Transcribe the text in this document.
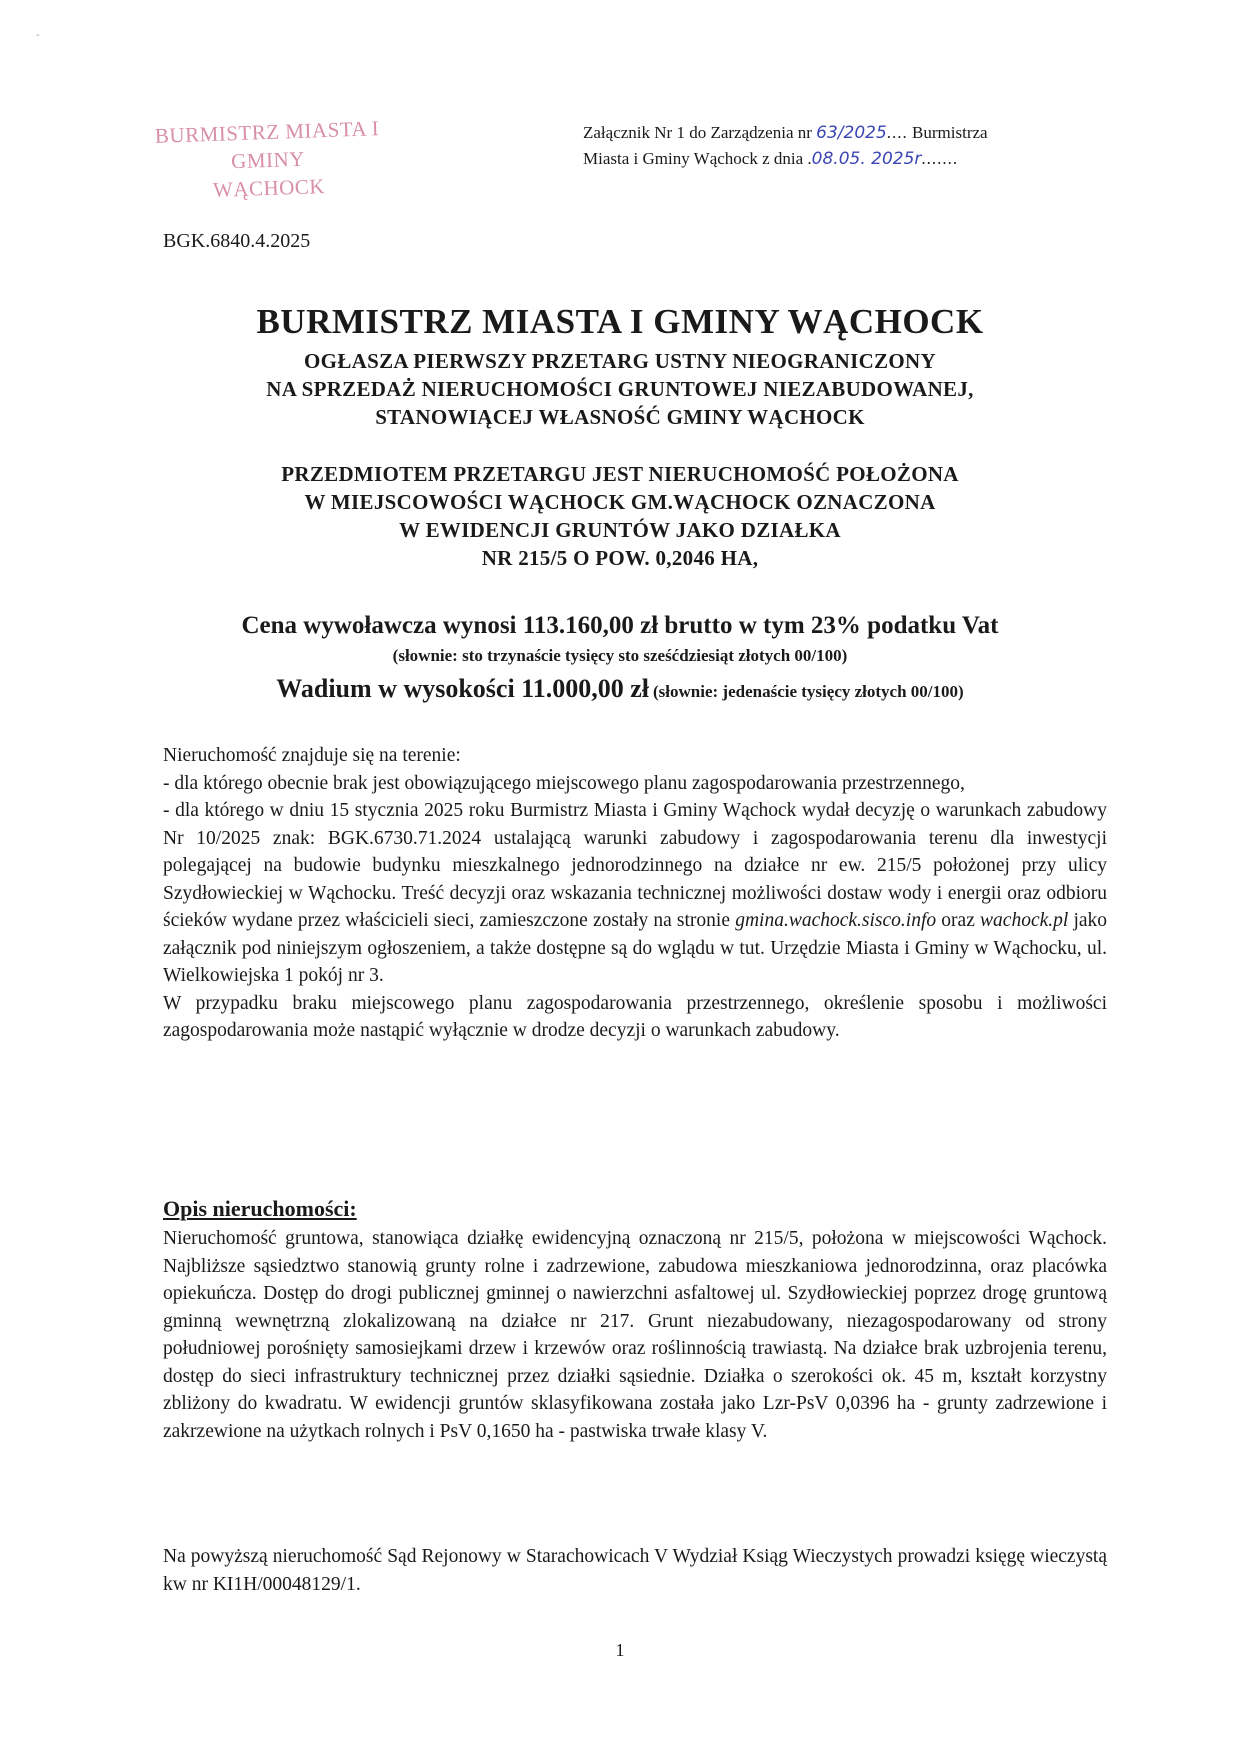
-
BURMISTRZ MIASTA I GMINY
WĄCHOCK
Załącznik Nr 1 do Zarządzenia nr 63/2025.... Burmistrza
Miasta i Gminy Wąchock z dnia .08.05. 2025r.......
BGK.6840.4.2025
BURMISTRZ MIASTA I GMINY WĄCHOCK
OGŁASZA PIERWSZY PRZETARG USTNY NIEOGRANICZONY
NA SPRZEDAŻ NIERUCHOMOŚCI GRUNTOWEJ NIEZABUDOWANEJ,
STANOWIĄCEJ WŁASNOŚĆ GMINY WĄCHOCK
PRZEDMIOTEM PRZETARGU JEST NIERUCHOMOŚĆ POŁOŻONA
W MIEJSCOWOŚCI WĄCHOCK GM.WĄCHOCK OZNACZONA
W EWIDENCJI GRUNTÓW JAKO DZIAŁKA
NR 215/5 O POW. 0,2046 HA,
Cena wywoławcza wynosi 113.160,00 zł brutto w tym 23% podatku Vat
(słownie: sto trzynaście tysięcy sto sześćdziesiąt złotych 00/100)
Wadium w wysokości 11.000,00 zł (słownie: jedenaście tysięcy złotych 00/100)

Nieruchomość znajduje się na terenie:

- dla którego obecnie brak jest obowiązującego miejscowego planu zagospodarowania przestrzennego,

- dla którego w dniu 15 stycznia 2025 roku Burmistrz Miasta i Gminy Wąchock wydał decyzję o warunkach zabudowy Nr 10/2025 znak: BGK.6730.71.2024 ustalającą warunki zabudowy i zagospodarowania terenu dla inwestycji polegającej na budowie budynku mieszkalnego jednorodzinnego na działce nr ew. 215/5 położonej przy ulicy Szydłowieckiej w Wąchocku. Treść decyzji oraz wskazania technicznej możliwości dostaw wody i energii oraz odbioru ścieków wydane przez właścicieli sieci, zamieszczone zostały na stronie gmina.wachock.sisco.info oraz wachock.pl jako załącznik pod niniejszym ogłoszeniem, a także dostępne są do wglądu w tut. Urzędzie Miasta i Gminy w Wąchocku, ul. Wielkowiejska 1 pokój nr 3.

W przypadku braku miejscowego planu zagospodarowania przestrzennego, określenie sposobu i możliwości zagospodarowania może nastąpić wyłącznie w drodze decyzji o warunkach zabudowy.

Opis nieruchomości:

Nieruchomość gruntowa, stanowiąca działkę ewidencyjną oznaczoną nr 215/5, położona w miejscowości Wąchock. Najbliższe sąsiedztwo stanowią grunty rolne i zadrzewione, zabudowa mieszkaniowa jednorodzinna, oraz placówka opiekuńcza. Dostęp do drogi publicznej gminnej o nawierzchni asfaltowej ul. Szydłowieckiej poprzez drogę gruntową gminną wewnętrzną zlokalizowaną na działce nr 217. Grunt niezabudowany, niezagospodarowany od strony południowej porośnięty samosiejkami drzew i krzewów oraz roślinnością trawiastą. Na działce brak uzbrojenia terenu, dostęp do sieci infrastruktury technicznej przez działki sąsiednie. Działka o szerokości ok. 45 m, kształt korzystny zbliżony do kwadratu. W ewidencji gruntów sklasyfikowana została jako Lzr-PsV 0,0396 ha - grunty zadrzewione i zakrzewione na użytkach rolnych i PsV 0,1650 ha - pastwiska trwałe klasy V.

Na powyższą nieruchomość Sąd Rejonowy w Starachowicach V Wydział Ksiąg Wieczystych prowadzi księgę wieczystą kw nr KI1H/00048129/1.

1
